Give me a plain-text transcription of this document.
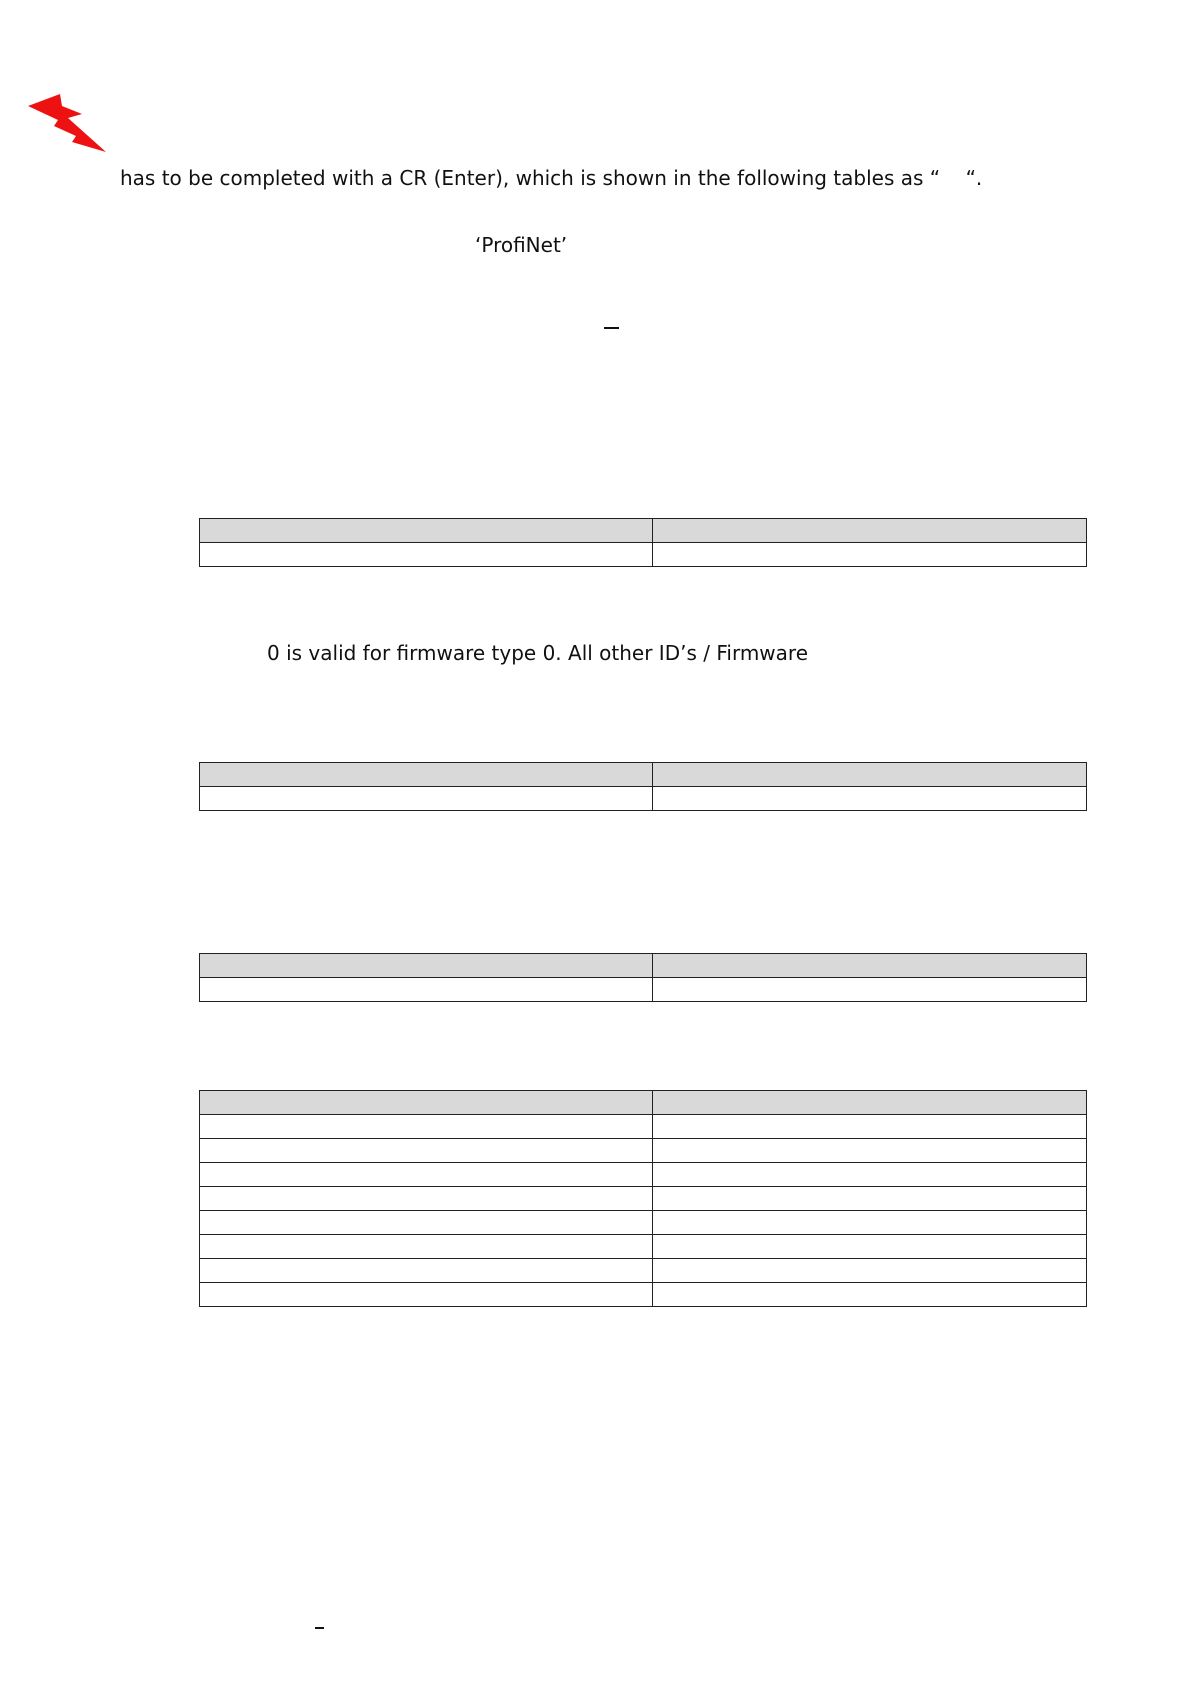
has to be completed with a CR (Enter), which is shown in the following tables as “    “.
‘ProfiNet’

0 is valid for firmware type 0. All other ID’s / Firmware
